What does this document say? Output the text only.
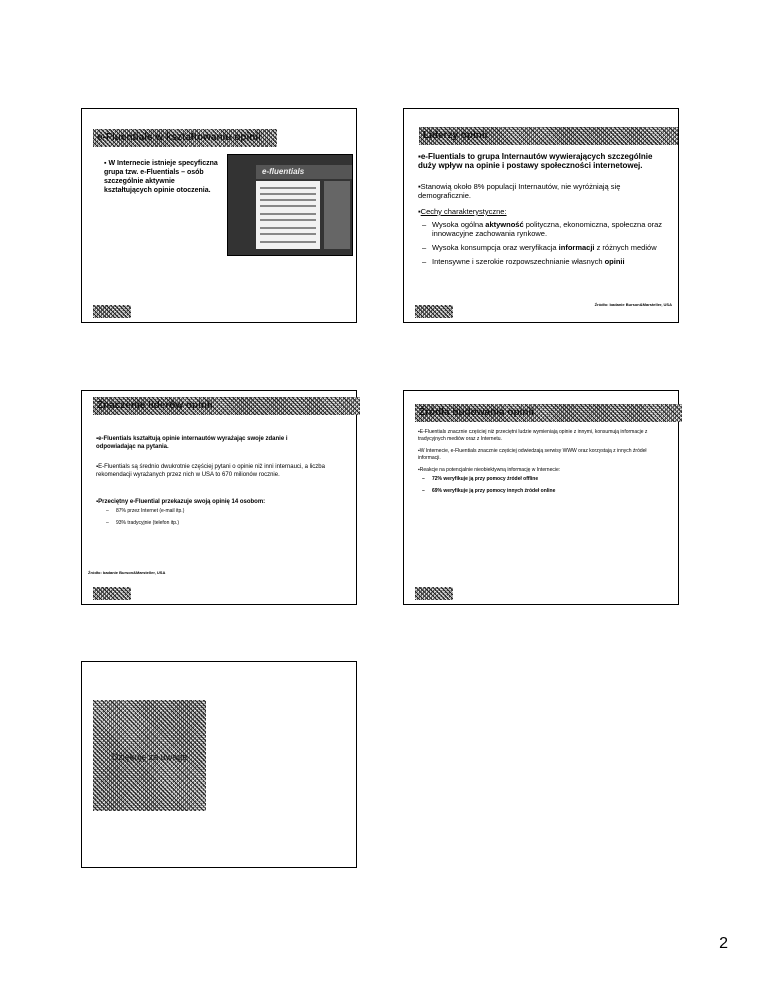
e-Fluentials w kształtowaniu opinii
▪ W Internecie istnieje specyficzna grupa tzw. e-Fluentials – osób szczególnie aktywnie kształtujących opinie otoczenia.
e-fluentials
Liderzy opinii
▪e-Fluentials to grupa Internautów wywierających szczególnie duży wpływ na opinie i postawy społeczności internetowej.
▪Stanowią około 8% populacji Internautów, nie wyróżniają się demograficznie.
▪Cechy charakterystyczne:
– Wysoka ogólna aktywność polityczna, ekonomiczna, społeczna oraz innowacyjne zachowania rynkowe.
– Wysoka konsumpcja oraz weryfikacja informacji z różnych mediów
– Intensywne i szerokie rozpowszechnianie własnych opinii
Źródło: badanie Burson&Marsteller, USA
Znaczenie liderów opinii
▪e-Fluentials kształtują opinie internautów wyrażając swoje zdanie i odpowiadając na pytania.
▪E-Fluentials są średnio dwukrotnie częściej pytani o opinie niż inni internauci, a liczba rekomendacji wyrażanych przez nich w USA to 670 milionów rocznie.
▪Przeciętny e-Fluential przekazuje swoją opinię 14 osobom:
– 87% przez Internet (e-mail itp.)
– 93% tradycyjnie (telefon itp.)
Źródło: badanie Burson&Marsteller, USA
Źródła budowania opinii
▪E-Fluentials znacznie częściej niż przeciętni ludzie wymieniają opinie z innymi, konsumują informacje z tradycyjnych mediów oraz z Internetu.
▪W Internecie, e-Fluentials znacznie częściej odwiedzają serwisy WWW oraz korzystają z innych źródeł informacji.
▪Reakcje na potencjalnie nieobiektywną informację w Internecie:
– 72% weryfikuje ją przy pomocy źródeł offline
– 69% weryfikuje ją przy pomocy innych źródeł online
Dziękuję za uwagę
2
